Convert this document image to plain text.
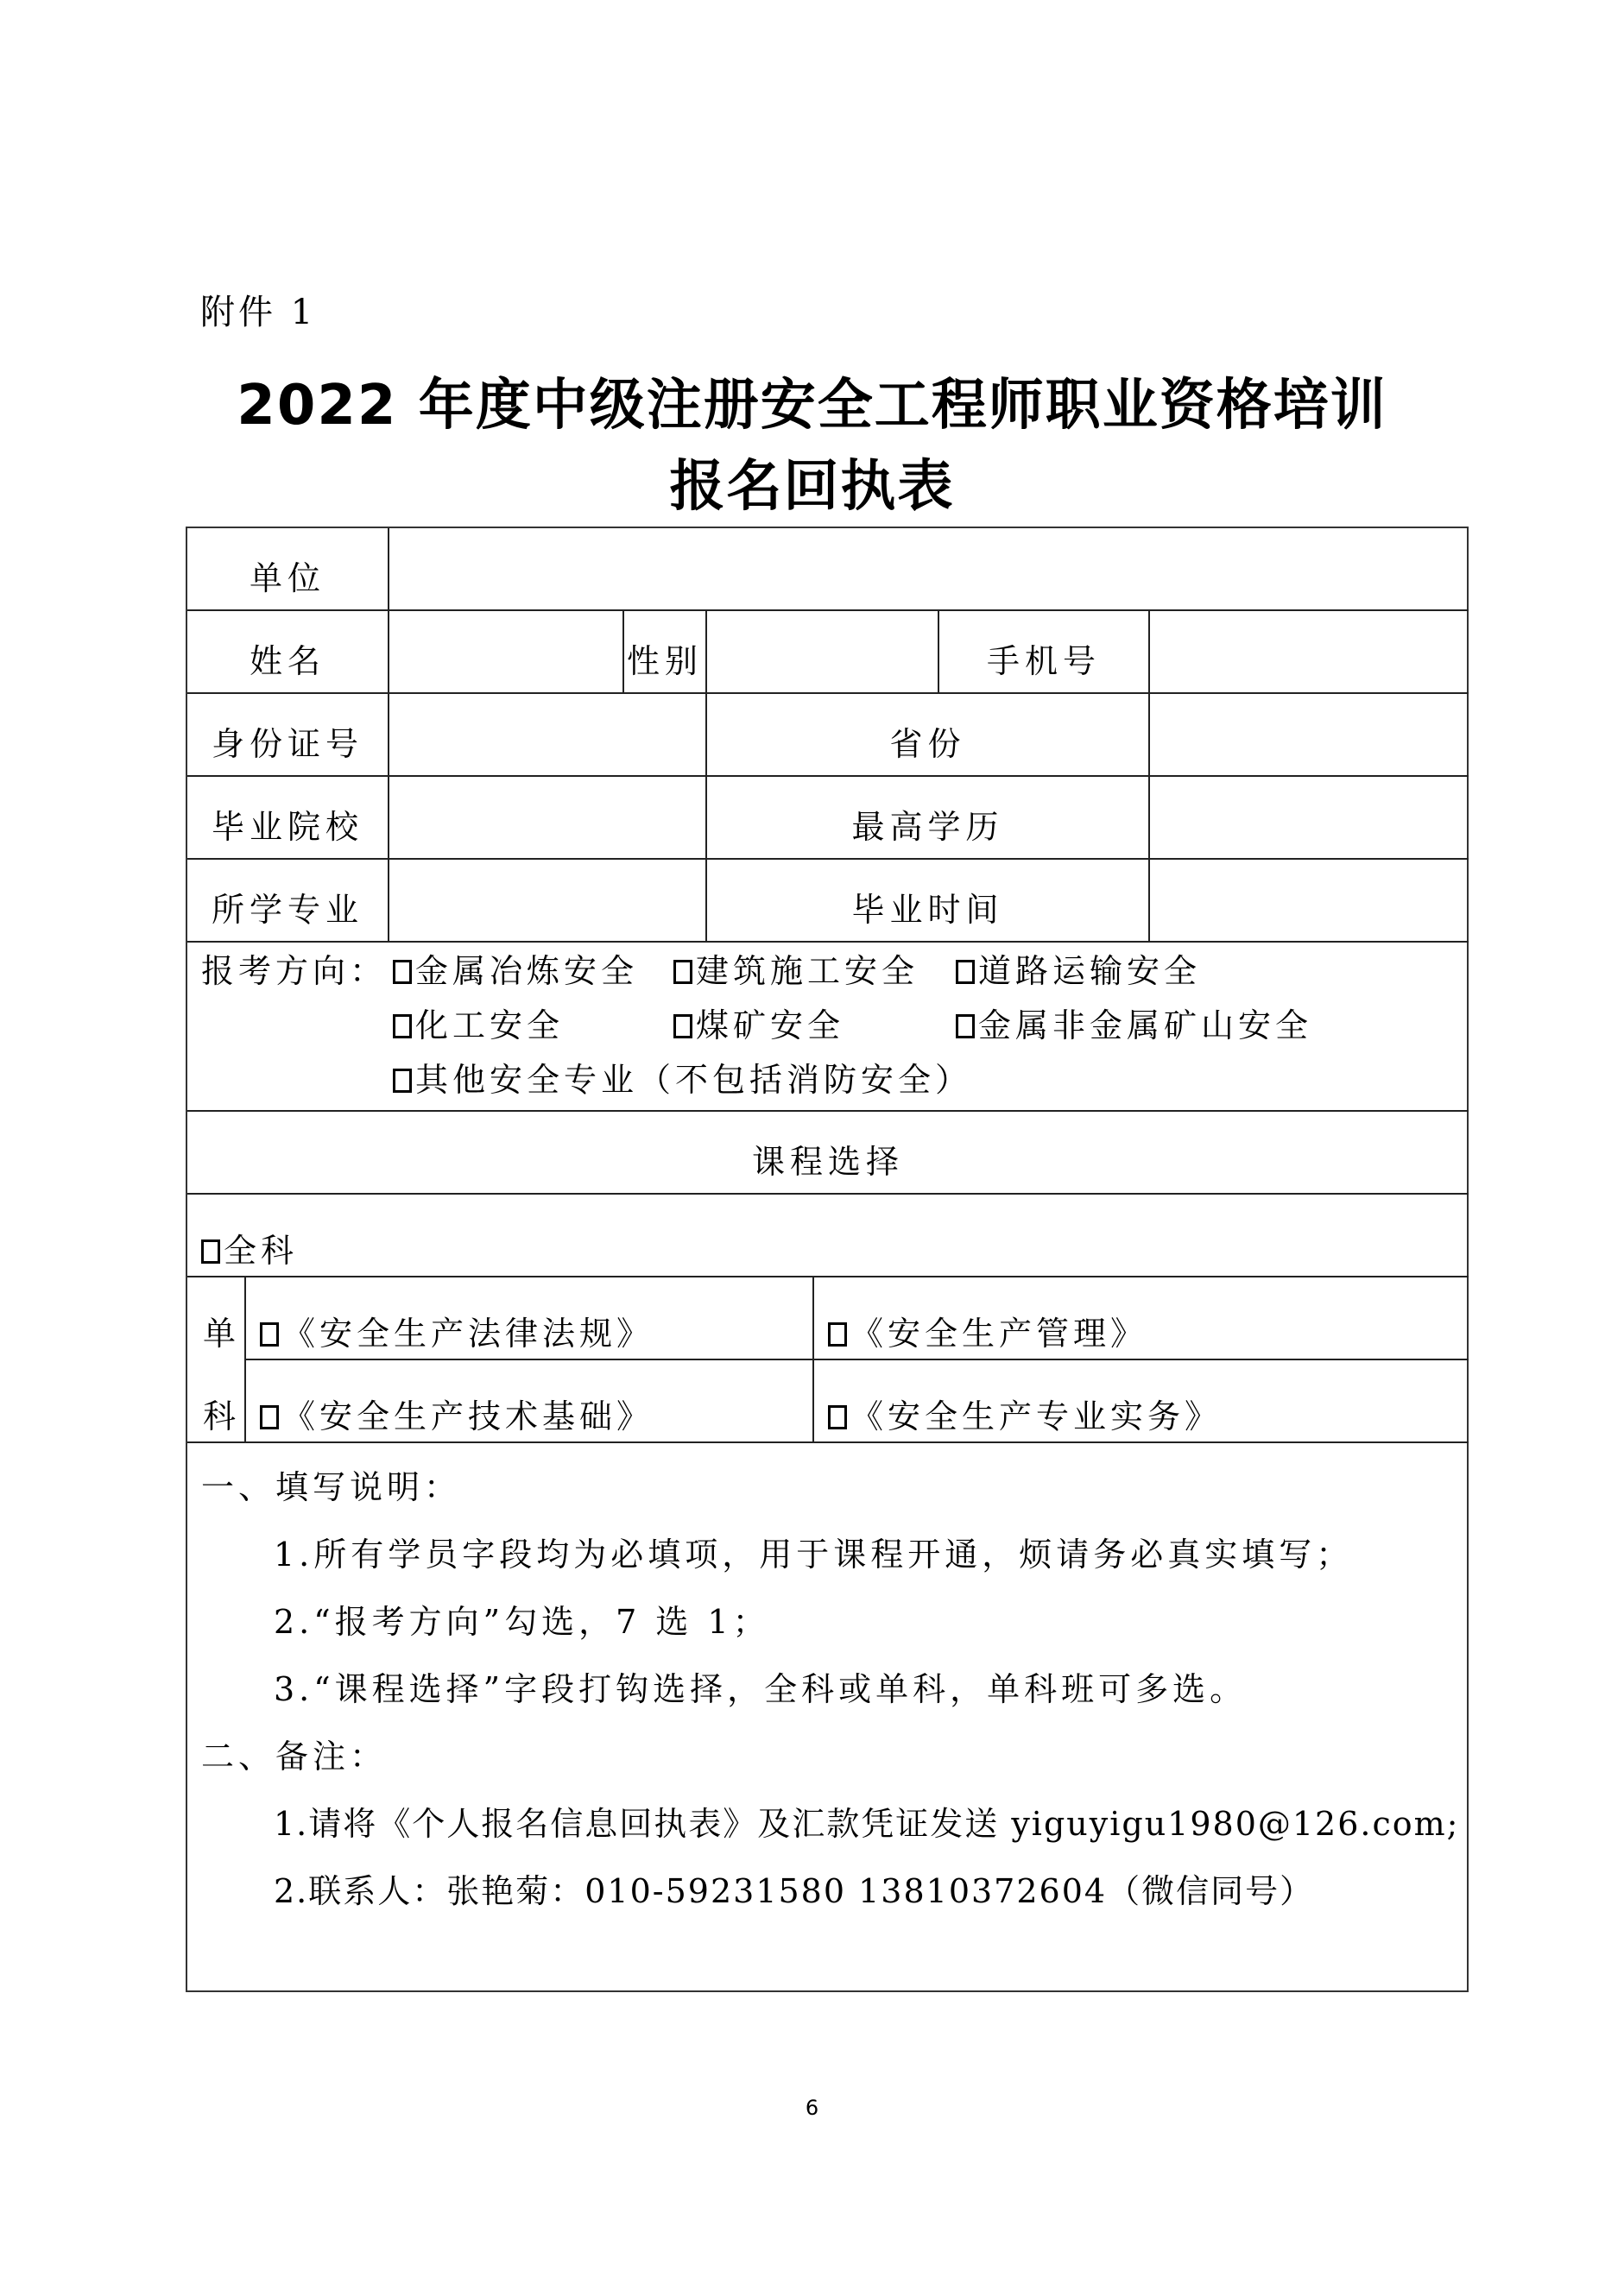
附件 1
2022 年度中级注册安全工程师职业资格培训
报名回执表
单位
姓名	性别	手机号
身份证号	省份
毕业院校	最高学历
所学专业	毕业时间
报考方向： 金属冶炼安全	建筑施工安全	道路运输安全
化工安全	煤矿安全	金属非金属矿山安全
其他安全专业（不包括消防安全）
课程选择
全科
单
科
《安全生产法律法规》	《安全生产管理》
《安全生产技术基础》	《安全生产专业实务》
一、填写说明：
1.所有学员字段均为必填项，用于课程开通，烦请务必真实填写；
2.“报考方向”勾选，7 选 1；
3.“课程选择”字段打钩选择，全科或单科，单科班可多选。
二、备注：
1.请将《个人报名信息回执表》及汇款凭证发送 yiguyigu1980@126.com;
2.联系人：张艳菊：010-59231580 13810372604（微信同号）
6
